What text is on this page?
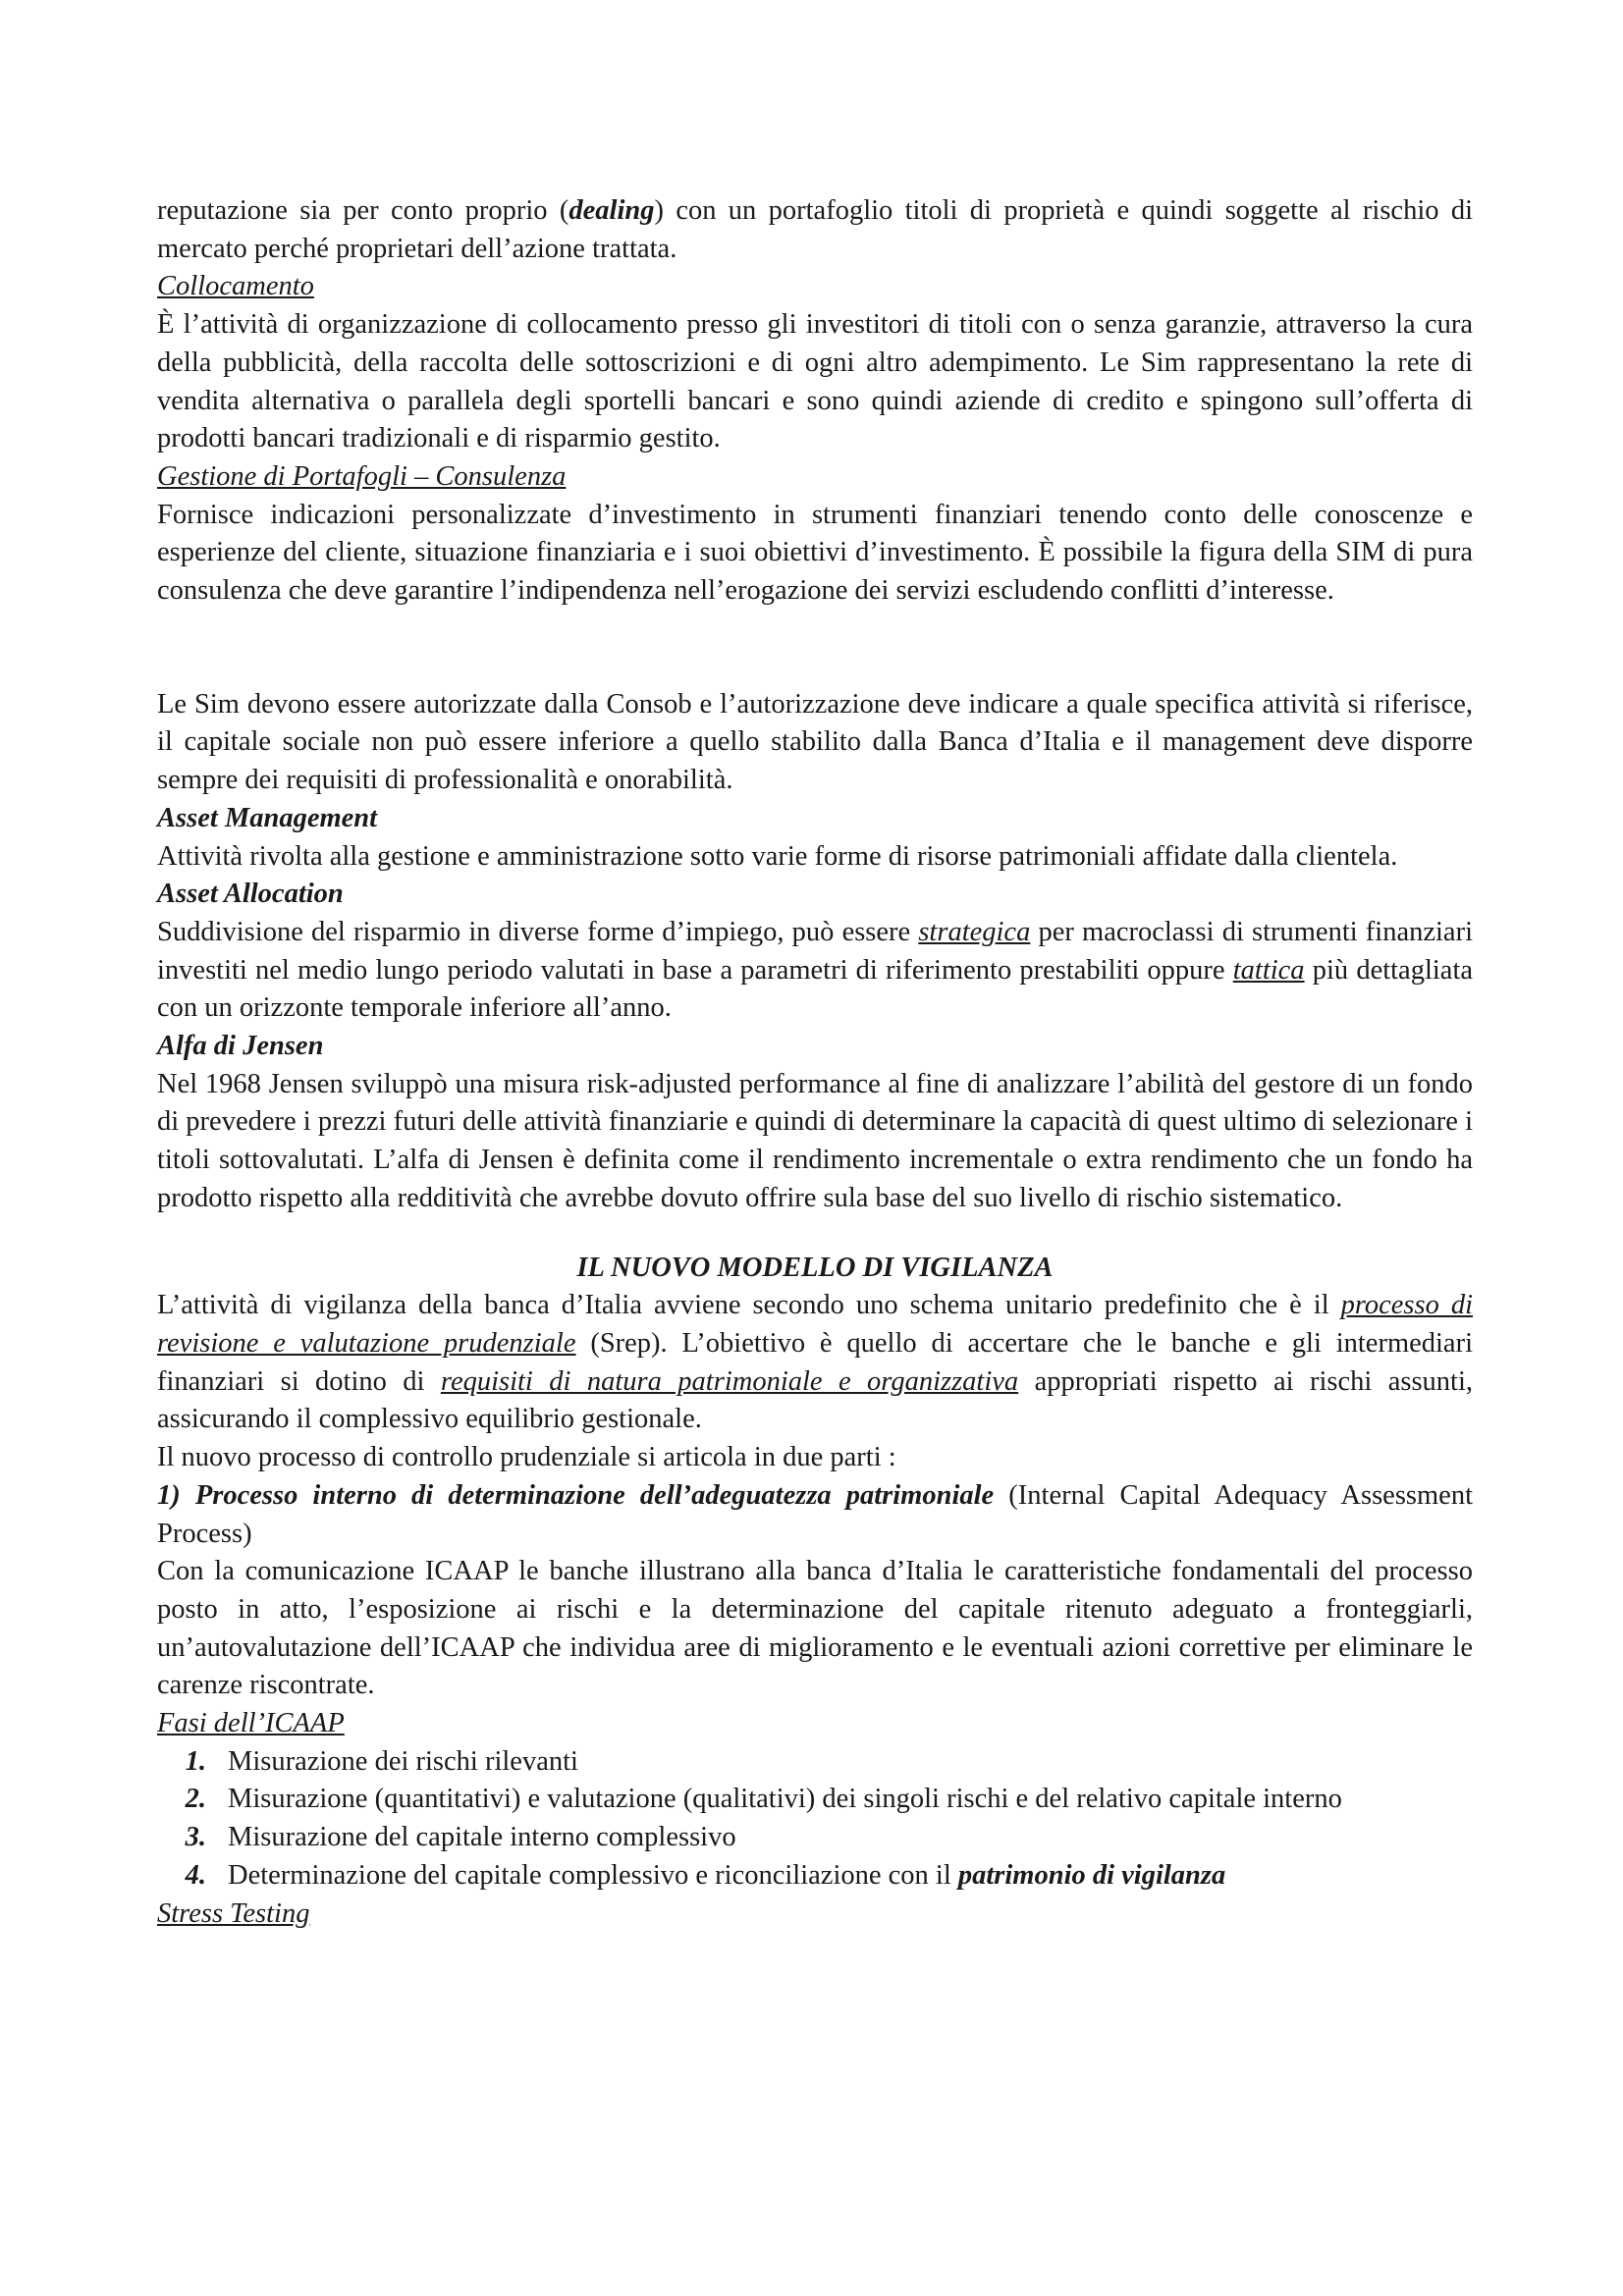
reputazione sia per conto proprio (dealing) con un portafoglio titoli di proprietà e quindi soggette al rischio di mercato perché proprietari dell’azione trattata.

Collocamento

È l’attività di organizzazione di collocamento presso gli investitori di titoli con o senza garanzie, attraverso la cura della pubblicità, della raccolta delle sottoscrizioni e di ogni altro adempimento. Le Sim rappresentano la rete di vendita alternativa o parallela degli sportelli bancari e sono quindi aziende di credito e spingono sull’offerta di prodotti bancari tradizionali e di risparmio gestito.

Gestione di Portafogli – Consulenza

Fornisce indicazioni personalizzate d’investimento in strumenti finanziari tenendo conto delle conoscenze e esperienze del cliente, situazione finanziaria e i suoi obiettivi d’investimento. È possibile la figura della SIM di pura consulenza che deve garantire l’indipendenza nell’erogazione dei servizi escludendo conflitti d’interesse.

Le Sim devono essere autorizzate dalla Consob e l’autorizzazione deve indicare a quale specifica attività si riferisce, il capitale sociale non può essere inferiore a quello stabilito dalla Banca d’Italia e il management deve disporre sempre dei requisiti di professionalità e onorabilità.

Asset Management

Attività rivolta alla gestione e amministrazione sotto varie forme di risorse patrimoniali affidate dalla clientela.

Asset Allocation

Suddivisione del risparmio in diverse forme d’impiego, può essere strategica per macroclassi di strumenti finanziari investiti nel medio lungo periodo valutati in base a parametri di riferimento prestabiliti oppure tattica più dettagliata con un orizzonte temporale inferiore all’anno.

Alfa di Jensen

Nel 1968 Jensen sviluppò una misura risk-adjusted performance al fine di analizzare l’abilità del gestore di un fondo di prevedere i prezzi futuri delle attività finanziarie e quindi di determinare la capacità di quest ultimo di selezionare i titoli sottovalutati. L’alfa di Jensen è definita come il rendimento incrementale o extra rendimento che un fondo ha prodotto rispetto alla redditività che avrebbe dovuto offrire sula base del suo livello di rischio sistematico.

IL NUOVO MODELLO DI VIGILANZA

L’attività di vigilanza della banca d’Italia avviene secondo uno schema unitario predefinito che è il processo di revisione e valutazione prudenziale (Srep). L’obiettivo è quello di accertare che le banche e gli intermediari finanziari si dotino di requisiti di natura patrimoniale e organizzativa appropriati rispetto ai rischi assunti, assicurando il complessivo equilibrio gestionale.

Il nuovo processo di controllo prudenziale si articola in due parti :

1) Processo interno di determinazione dell’adeguatezza patrimoniale (Internal Capital Adequacy Assessment Process)

Con la comunicazione ICAAP le banche illustrano alla banca d’Italia le caratteristiche fondamentali del processo posto in atto, l’esposizione ai rischi e la determinazione del capitale ritenuto adeguato a fronteggiarli, un’autovalutazione dell’ICAAP che individua aree di miglioramento e le eventuali azioni correttive per eliminare le carenze riscontrate.

Fasi dell’ICAAP

1. Misurazione dei rischi rilevanti
2. Misurazione (quantitativi) e valutazione (qualitativi) dei singoli rischi e del relativo capitale interno
3. Misurazione del capitale interno complessivo
4. Determinazione del capitale complessivo e riconciliazione con il patrimonio di vigilanza

Stress Testing
